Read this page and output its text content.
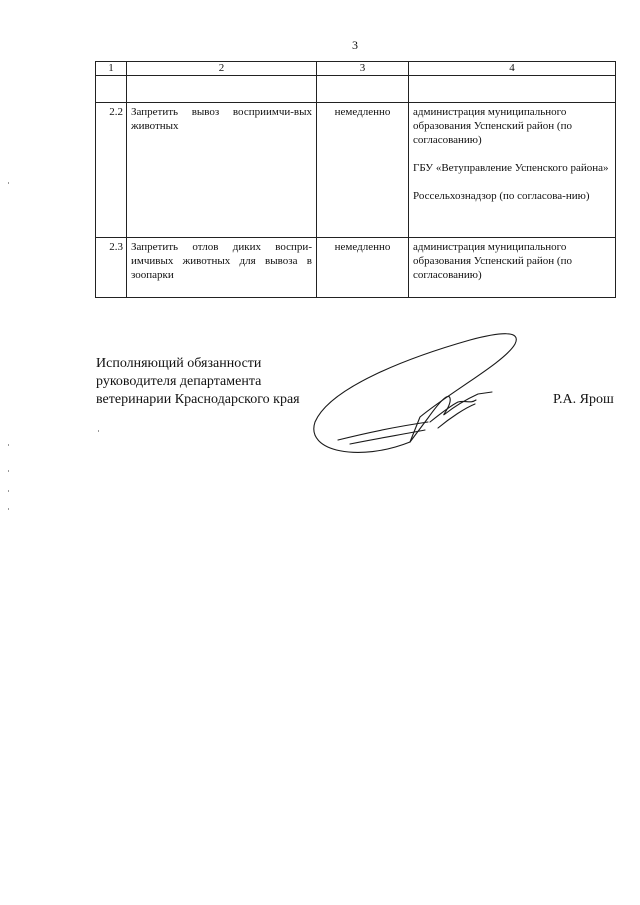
3
1	2	3	4

2.2	Запретить вывоз восприимчи-вых животных	немедленно	администрация муниципального образования Успенский район (по согласованию)

ГБУ «Ветуправление Успенского района»

Россельхознадзор (по согласова-нию)

2.3	Запретить отлов диких воспри-имчивых животных для вывоза в зоопарки	немедленно	администрация муниципального образования Успенский район (по согласованию)

Исполняющий обязанности
руководителя департамента
ветеринарии Краснодарского края	Р.А. Ярош
